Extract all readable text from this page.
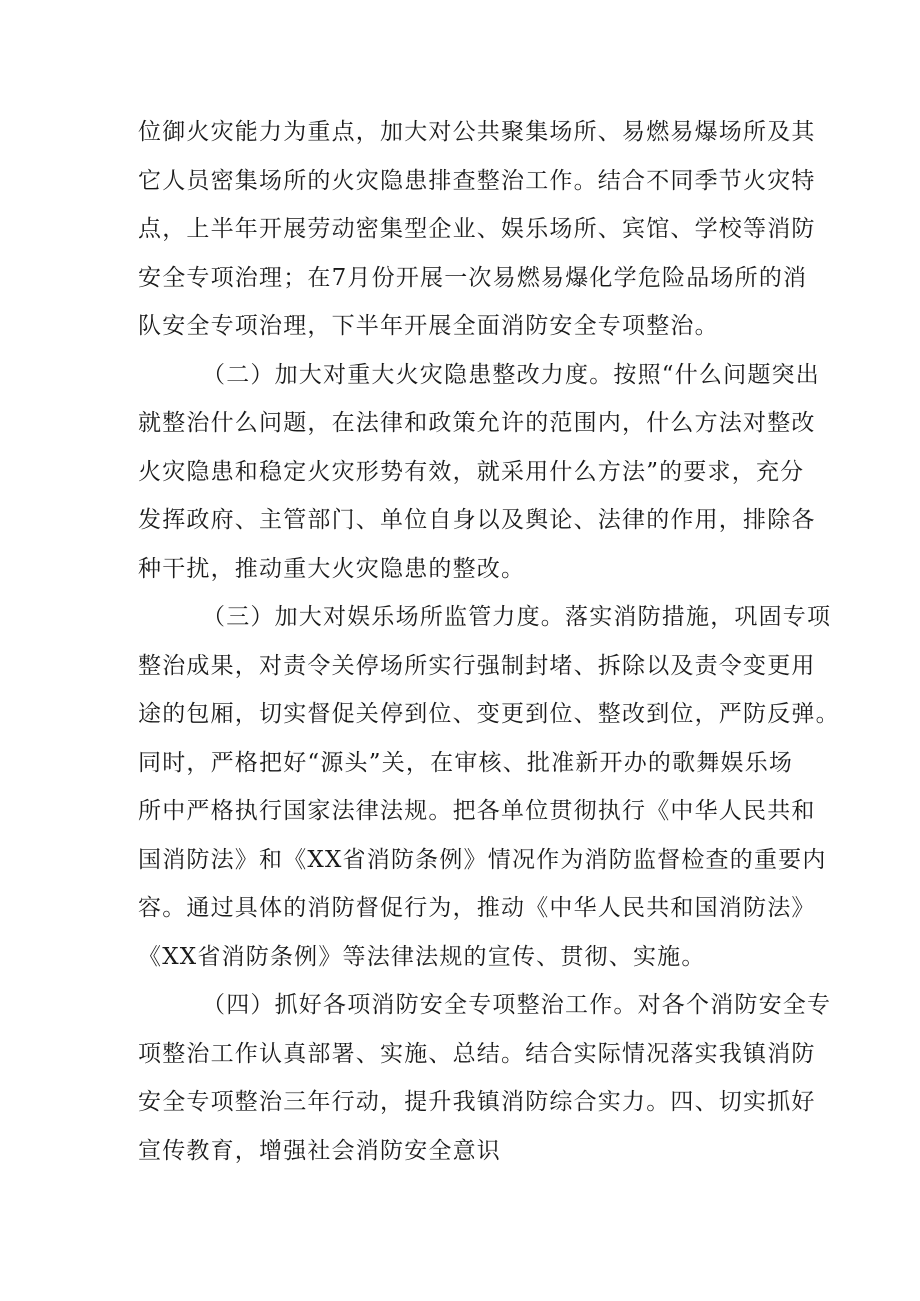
位御火灾能力为重点，加大对公共聚集场所、易燃易爆场所及其
它人员密集场所的火灾隐患排查整治工作。结合不同季节火灾特
点，上半年开展劳动密集型企业、娱乐场所、宾馆、学校等消防
安全专项治理；在7月份开展一次易燃易爆化学危险品场所的消
队安全专项治理，下半年开展全面消防安全专项整治。
（二）加大对重大火灾隐患整改力度。按照“什么问题突出
就整治什么问题，在法律和政策允许的范围内，什么方法对整改
火灾隐患和稳定火灾形势有效，就采用什么方法”的要求，充分
发挥政府、主管部门、单位自身以及舆论、法律的作用，排除各
种干扰，推动重大火灾隐患的整改。
（三）加大对娱乐场所监管力度。落实消防措施，巩固专项
整治成果，对责令关停场所实行强制封堵、拆除以及责令变更用
途的包厢，切实督促关停到位、变更到位、整改到位，严防反弹。
同时，严格把好“源头”关，在审核、批准新开办的歌舞娱乐场
所中严格执行国家法律法规。把各单位贯彻执行《中华人民共和
国消防法》和《XX省消防条例》情况作为消防监督检查的重要内
容。通过具体的消防督促行为，推动《中华人民共和国消防法》
《XX省消防条例》等法律法规的宣传、贯彻、实施。
（四）抓好各项消防安全专项整治工作。对各个消防安全专
项整治工作认真部署、实施、总结。结合实际情况落实我镇消防
安全专项整治三年行动，提升我镇消防综合实力。四、切实抓好
宣传教育，增强社会消防安全意识
